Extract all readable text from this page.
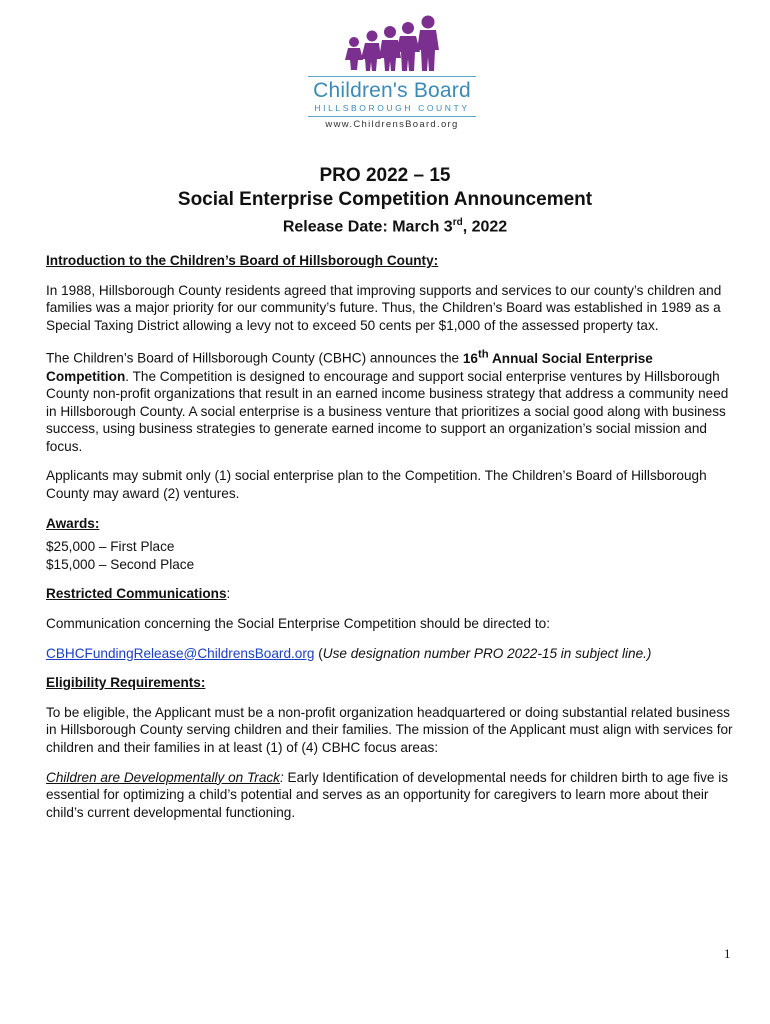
Children's Board
HILLSBOROUGH COUNTY
www.ChildrensBoard.org
PRO 2022 – 15
Social Enterprise Competition Announcement
Release Date: March 3rd, 2022

Introduction to the Children’s Board of Hillsborough County:

In 1988, Hillsborough County residents agreed that improving supports and services to our county’s children and families was a major priority for our community’s future. Thus, the Children’s Board was established in 1989 as a Special Taxing District allowing a levy not to exceed 50 cents per $1,000 of the assessed property tax.

The Children’s Board of Hillsborough County (CBHC) announces the 16th Annual Social Enterprise Competition. The Competition is designed to encourage and support social enterprise ventures by Hillsborough County non-profit organizations that result in an earned income business strategy that address a community need in Hillsborough County. A social enterprise is a business venture that prioritizes a social good along with business success, using business strategies to generate earned income to support an organization’s social mission and focus.

Applicants may submit only (1) social enterprise plan to the Competition. The Children’s Board of Hillsborough County may award (2) ventures.

Awards:

$25,000 – First Place

$15,000 – Second Place

Restricted Communications:

Communication concerning the Social Enterprise Competition should be directed to:

CBHCFundingRelease@ChildrensBoard.org (Use designation number PRO 2022-15 in subject line.)

Eligibility Requirements:

To be eligible, the Applicant must be a non-profit organization headquartered or doing substantial related business in Hillsborough County serving children and their families. The mission of the Applicant must align with services for children and their families in at least (1) of (4) CBHC focus areas:

Children are Developmentally on Track: Early Identification of developmental needs for children birth to age five is essential for optimizing a child’s potential and serves as an opportunity for caregivers to learn more about their child’s current developmental functioning.

1
